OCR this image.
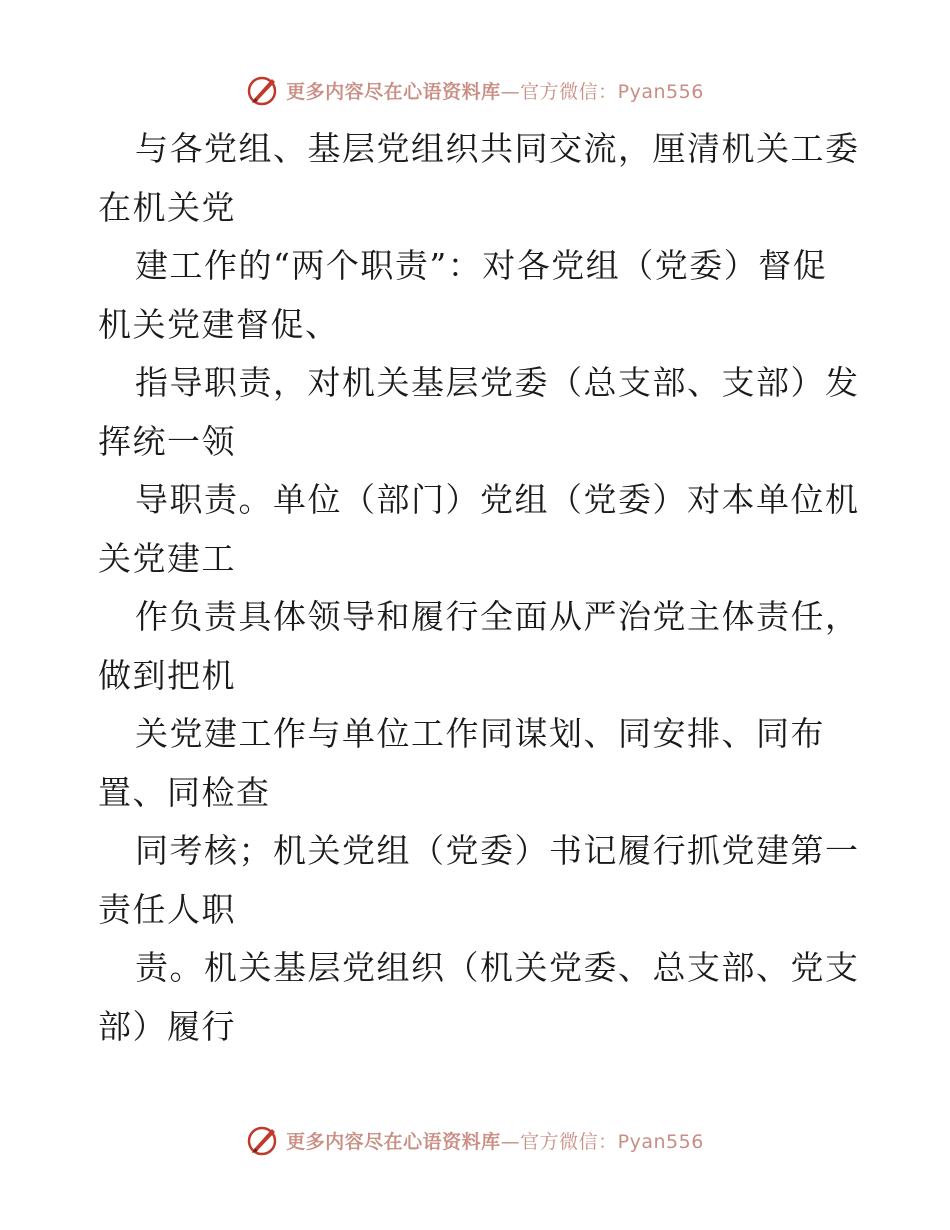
更多内容尽在心语资料库—官方微信：Pyan556
与各党组、基层党组织共同交流，厘清机关工委
在机关党
建工作的“两个职责”：对各党组（党委）督促
机关党建督促、
指导职责，对机关基层党委（总支部、支部）发
挥统一领
导职责。单位（部门）党组（党委）对本单位机
关党建工
作负责具体领导和履行全面从严治党主体责任，
做到把机
关党建工作与单位工作同谋划、同安排、同布
置、同检查
同考核；机关党组（党委）书记履行抓党建第一
责任人职
责。机关基层党组织（机关党委、总支部、党支
部）履行
更多内容尽在心语资料库—官方微信：Pyan556
